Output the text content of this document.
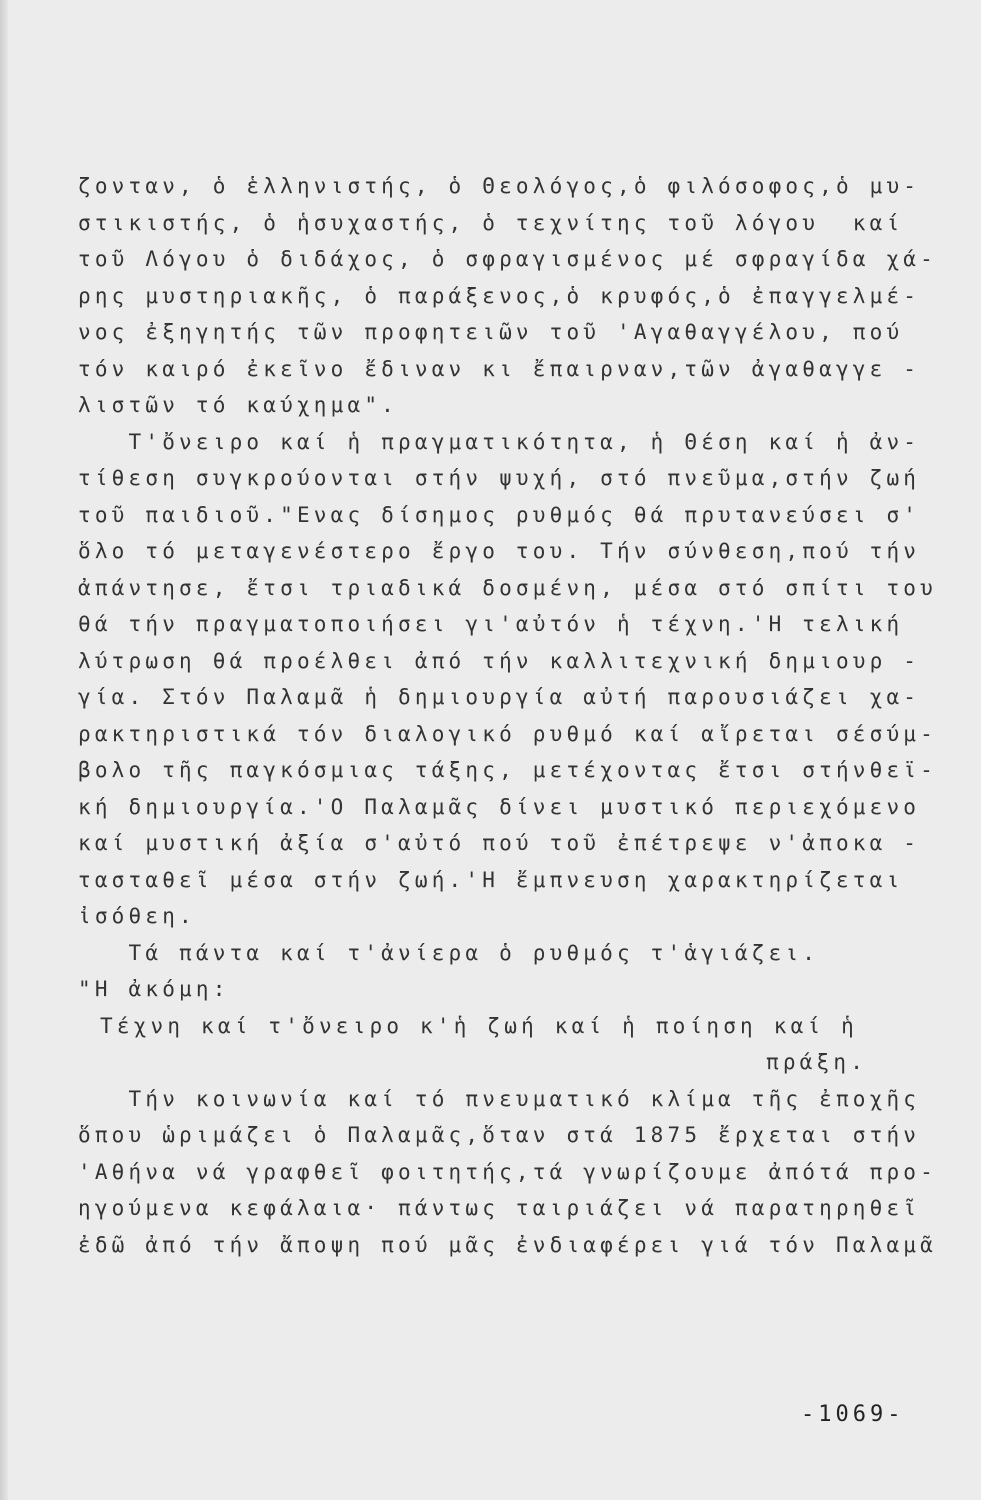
ζονταν, ὁ ἑλληνιστής, ὁ Θεολόγος,ὁ φιλόσοφος,ὁ μυ-
στικιστής, ὁ ἡσυχαστής, ὁ τεχνίτης τοῦ λόγου  καί
τοῦ Λόγου ὁ διδάχος, ὁ σφραγισμένος μέ σφραγίδα χά-
ρης μυστηριακῆς, ὁ παράξενος,ὁ κρυφός,ὁ ἐπαγγελμέ-
νος ἐξηγητής τῶν προφητειῶν τοῦ 'Αγαθαγγέλου, πού
τόν καιρό ἐκεῖνο ἔδιναν κι ἔπαιρναν,τῶν ἀγαθαγγε -
λιστῶν τό καύχημα".
Τ'ὄνειρο καί ἡ πραγματικότητα, ἡ Θέση καί ἡ ἀν-
τίθεση συγκρούονται στήν ψυχή, στό πνεῦμα,στήν ζωή
τοῦ παιδιοῦ."Ενας δίσημος ρυθμός θά πρυτανεύσει σ'
ὅλο τό μεταγενέστερο ἔργο του. Τήν σύνθεση,πού τήν
ἀπάντησε, ἔτσι τριαδικά δοσμένη, μέσα στό σπίτι του
θά τήν πραγματοποιήσει γι'αὐτόν ἡ τέχνη.'Η τελική
λύτρωση θά προέλθει ἀπό τήν καλλιτεχνική δημιουρ -
γία. Στόν Παλαμᾶ ἡ δημιουργία αὐτή παρουσιάζει χα-
ρακτηριστικά τόν διαλογικό ρυθμό καί αἴρεται σέσύμ-
βολο τῆς παγκόσμιας τάξης, μετέχοντας ἔτσι στήνθεϊ-
κή δημιουργία.'Ο Παλαμᾶς δίνει μυστικό περιεχόμενο
καί μυστική ἀξία σ'αὐτό πού τοῦ ἐπέτρεψε ν'ἀποκα -
τασταθεῖ μέσα στήν ζωή.'Η ἔμπνευση χαρακτηρίζεται
ἰσόθεη.
Τά πάντα καί τ'ἀνίερα ὁ ρυθμός τ'ἁγιάζει.
"Η ἀκόμη:
Τέχνη καί τ'ὄνειρο κ'ἡ ζωή καί ἡ ποίηση καί ἡ
πράξη.
Τήν κοινωνία καί τό πνευματικό κλίμα τῆς ἐποχῆς
ὅπου ὡριμάζει ὁ Παλαμᾶς,ὅταν στά 1875 ἔρχεται στήν
'Αθήνα νά γραφθεῖ φοιτητής,τά γνωρίζουμε ἀπότά προ-
ηγούμενα κεφάλαια· πάντως ταιριάζει νά παρατηρηθεῖ
ἐδῶ ἀπό τήν ἄποψη πού μᾶς ἐνδιαφέρει γιά τόν Παλαμᾶ
-1069-
